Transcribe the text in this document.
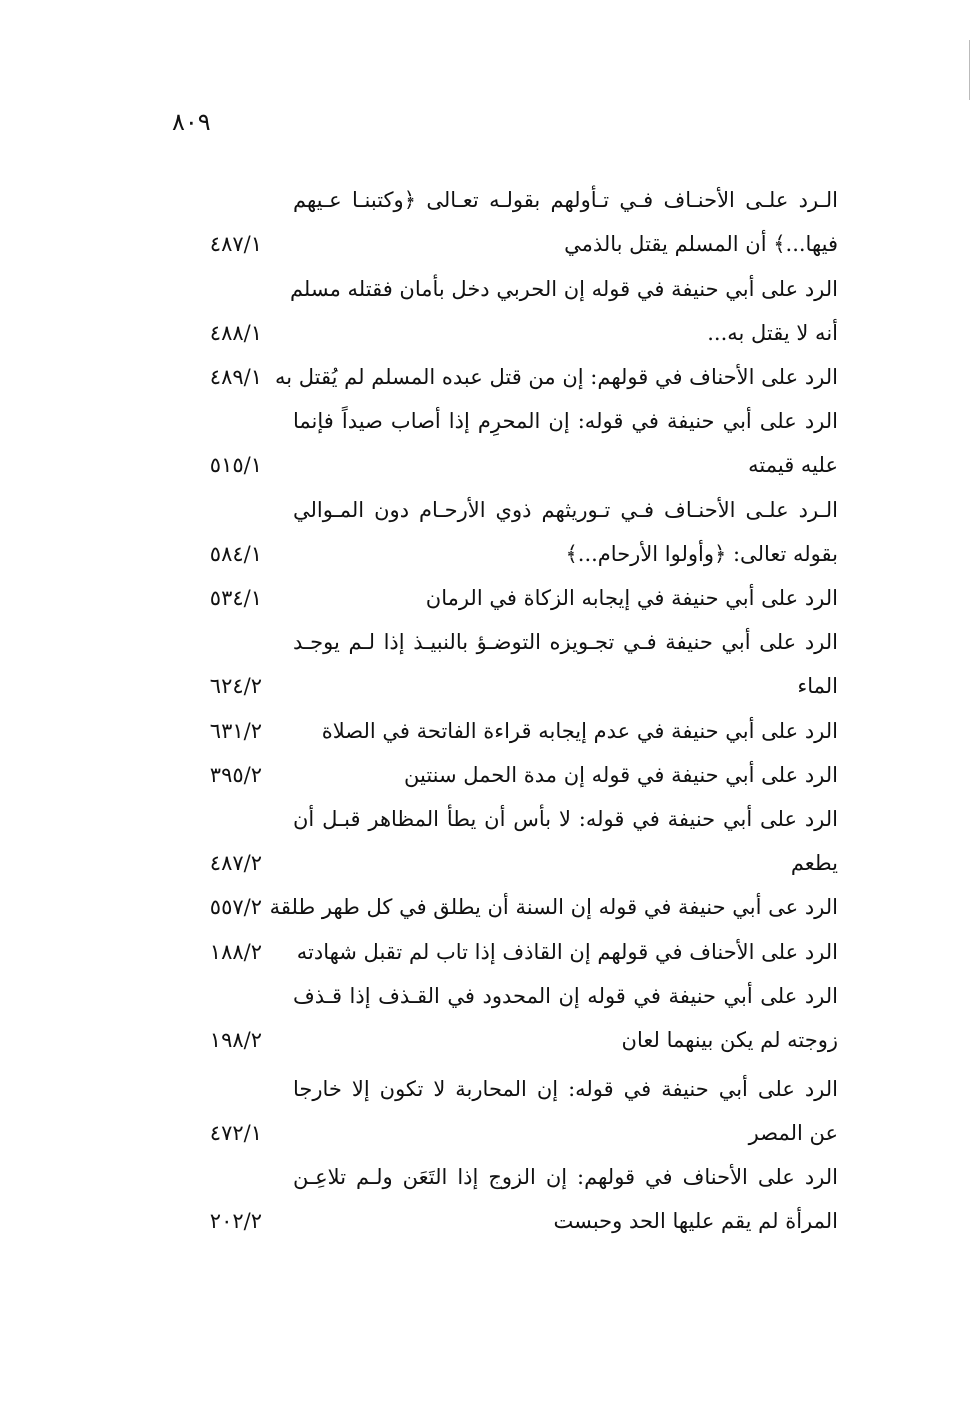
٨٠٩
الـرد علـى الأحنـاف فـي تـأولهم بقولـه تعـالى ﴿وكتبنـا عـيهم
فيها...﴾ أن المسلم يقتل بالذمي
٤٨٧/١
الرد على أبي حنيفة في قوله إن الحربي دخل بأمان فقتله مسلم
أنه لا يقتل به...
٤٨٨/١
الرد على الأحناف في قولهم: إن من قتل عبده المسلم لم يُقتل به
٤٨٩/١
الرد على أبي حنيفة في قوله: إن المحرِم إذا أصاب صيداً فإنما
عليه قيمته
٥١٥/١
الـرد علـى الأحنـاف فـي تـوريثهم ذوي الأرحـام دون المـوالي
بقوله تعالى: ﴿وأولوا الأرحام...﴾
٥٨٤/١
الرد على أبي حنيفة في إيجابه الزكاة في الرمان
٥٣٤/١
الرد على أبي حنيفة فـي تجـويزه التوضـؤ بالنبيـذ إذا لـم يوجـد
الماء
٦٢٤/٢
الرد على أبي حنيفة في عدم إيجابه قراءة الفاتحة في الصلاة
٦٣١/٢
الرد على أبي حنيفة في قوله إن مدة الحمل سنتين
٣٩٥/٢
الرد على أبي حنيفة في قوله: لا بأس أن يطأ المظاهر قبـل أن
يطعم
٤٨٧/٢
الرد عى أبي حنيفة في قوله إن السنة أن يطلق في كل طهر طلقة
٥٥٧/٢
الرد على الأحناف في قولهم إن القاذف إذا تاب لم تقبل شهادته
١٨٨/٢
الرد على أبي حنيفة في قوله إن المحدود في القـذف إذا قـذف
زوجته لم يكن بينهما لعان
١٩٨/٢
الرد على أبي حنيفة في قوله: إن المحاربة لا تكون إلا خارجا
عن المصر
٤٧٢/١
الرد على الأحناف في قولهم: إن الزوج إذا التَعَن ولـم تلاعِـن
المرأة لم يقم عليها الحد وحبست
٢٠٢/٢
